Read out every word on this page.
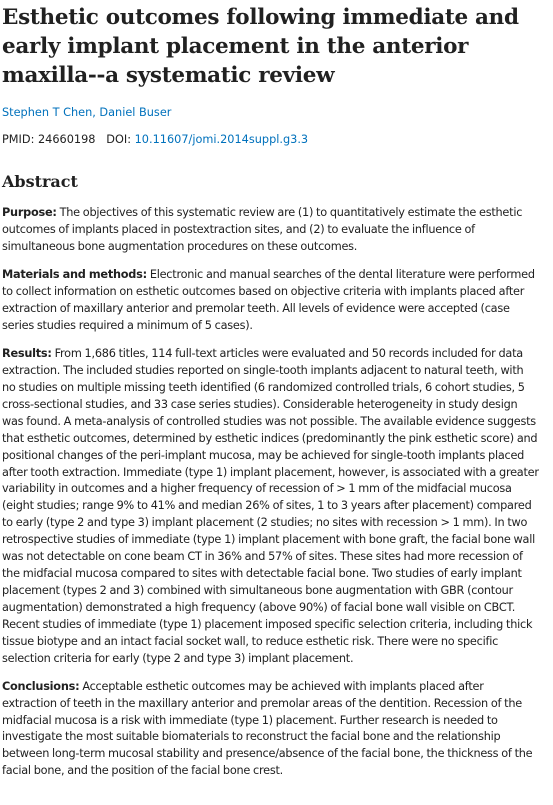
Esthetic outcomes following immediate and early implant placement in the anterior maxilla--a systematic review
Stephen T Chen, Daniel Buser
PMID: 24660198 DOI: 10.11607/jomi.2014suppl.g3.3
Abstract

Purpose: The objectives of this systematic review are (1) to quantitatively estimate the esthetic outcomes of implants placed in postextraction sites, and (2) to evaluate the influence of simultaneous bone augmentation procedures on these outcomes.

Materials and methods: Electronic and manual searches of the dental literature were performed to collect information on esthetic outcomes based on objective criteria with implants placed after extraction of maxillary anterior and premolar teeth. All levels of evidence were accepted (case series studies required a minimum of 5 cases).

Results: From 1,686 titles, 114 full-text articles were evaluated and 50 records included for data extraction. The included studies reported on single-tooth implants adjacent to natural teeth, with no studies on multiple missing teeth identified (6 randomized controlled trials, 6 cohort studies, 5 cross-sectional studies, and 33 case series studies). Considerable heterogeneity in study design was found. A meta-analysis of controlled studies was not possible. The available evidence suggests that esthetic outcomes, determined by esthetic indices (predominantly the pink esthetic score) and positional changes of the peri-implant mucosa, may be achieved for single-tooth implants placed after tooth extraction. Immediate (type 1) implant placement, however, is associated with a greater variability in outcomes and a higher frequency of recession of > 1 mm of the midfacial mucosa (eight studies; range 9% to 41% and median 26% of sites, 1 to 3 years after placement) compared to early (type 2 and type 3) implant placement (2 studies; no sites with recession > 1 mm). In two retrospective studies of immediate (type 1) implant placement with bone graft, the facial bone wall was not detectable on cone beam CT in 36% and 57% of sites. These sites had more recession of the midfacial mucosa compared to sites with detectable facial bone. Two studies of early implant placement (types 2 and 3) combined with simultaneous bone augmentation with GBR (contour augmentation) demonstrated a high frequency (above 90%) of facial bone wall visible on CBCT. Recent studies of immediate (type 1) placement imposed specific selection criteria, including thick tissue biotype and an intact facial socket wall, to reduce esthetic risk. There were no specific selection criteria for early (type 2 and type 3) implant placement.

Conclusions: Acceptable esthetic outcomes may be achieved with implants placed after extraction of teeth in the maxillary anterior and premolar areas of the dentition. Recession of the midfacial mucosa is a risk with immediate (type 1) placement. Further research is needed to investigate the most suitable biomaterials to reconstruct the facial bone and the relationship between long-term mucosal stability and presence/absence of the facial bone, the thickness of the facial bone, and the position of the facial bone crest.
